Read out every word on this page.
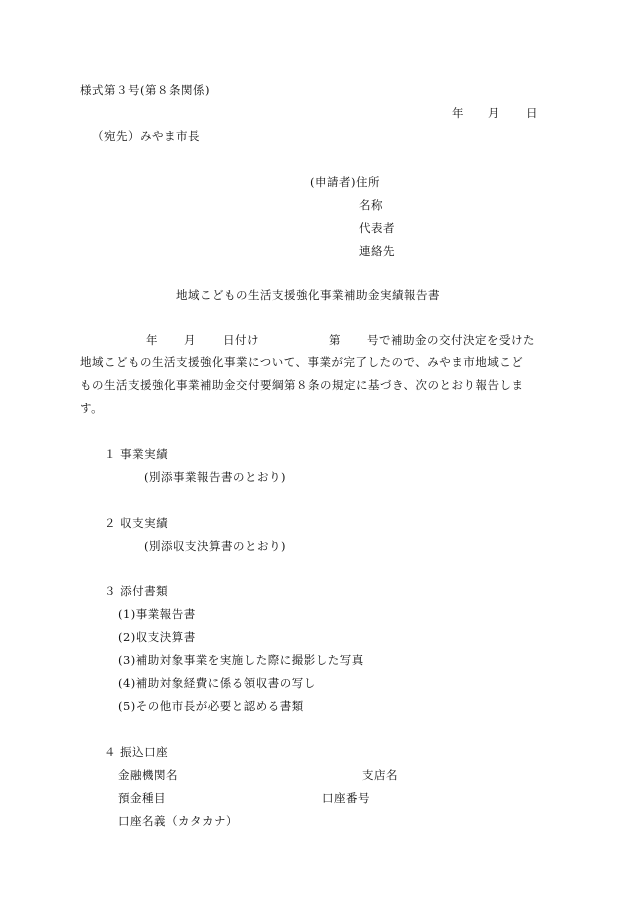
様式第３号(第８条関係)
年 月 日
（宛先）みやま市長
(申請者)住所
名称
代表者
連絡先
地域こどもの生活支援強化事業補助金実績報告書
年 月 日付け	第 号で補助金の交付決定を受けた
地域こどもの生活支援強化事業について、事業が完了したので、みやま市地域こど
もの生活支援強化事業補助金交付要綱第８条の規定に基づき、次のとおり報告しま
す。
１ 事業実績
(別添事業報告書のとおり)
２ 収支実績
(別添収支決算書のとおり)
３ 添付書類
(1)事業報告書
(2)収支決算書
(3)補助対象事業を実施した際に撮影した写真
(4)補助対象経費に係る領収書の写し
(5)その他市長が必要と認める書類
４ 振込口座
金融機関名	支店名
預金種目	口座番号
口座名義（カタカナ）
